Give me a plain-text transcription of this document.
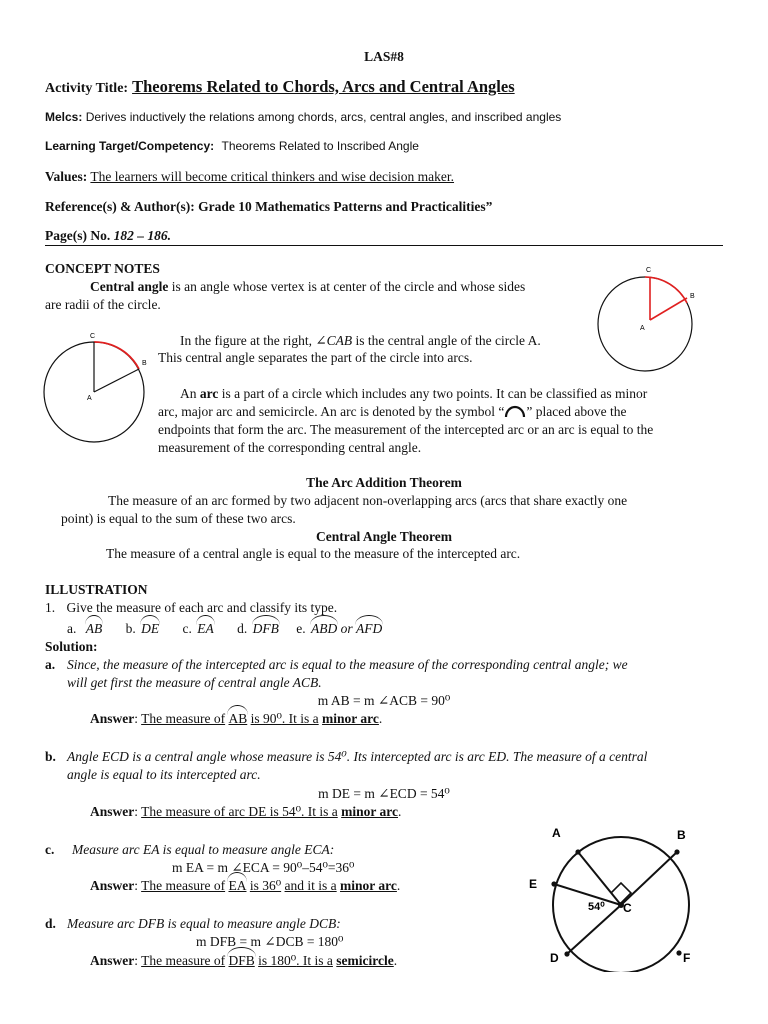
LAS#8
Activity Title: Theorems Related to Chords, Arcs and Central Angles
Melcs: Derives inductively the relations among chords, arcs, central angles, and inscribed angles
Learning Target/Competency: Theorems Related to Inscribed Angle
Values: The learners will become critical thinkers and wise decision maker.
Reference(s) & Author(s): Grade 10 Mathematics Patterns and Practicalities”
Page(s) No. 182 – 186.
CONCEPT NOTES
Central angle is an angle whose vertex is at center of the circle and whose sides
are radii of the circle.
C
B
A
C
B
A
In the figure at the right, ∠CAB is the central angle of the circle A.
This central angle separates the part of the circle into arcs.
An arc is a part of a circle which includes any two points. It can be classified as minor
arc, major arc and semicircle. An arc is denoted by the symbol “ ” placed above the
endpoints that form the arc. The measurement of the intercepted arc or an arc is equal to the
measurement of the corresponding central angle.
The Arc Addition Theorem
The measure of an arc formed by two adjacent non-overlapping arcs (arcs that share exactly one
point) is equal to the sum of these two arcs.
Central Angle Theorem
The measure of a central angle is equal to the measure of the intercepted arc.
ILLUSTRATION
1. Give the measure of each arc and classify its type.
a. AB b. DE c. EA d. DFB e. ABD or AFD
Solution:
a. Since, the measure of the intercepted arc is equal to the measure of the corresponding central angle; we
will get first the measure of central angle ACB.
m AB = m ∠ACB = 90⁰
Answer: The measure of AB is 90⁰. It is a minor arc.
b. Angle ECD is a central angle whose measure is 54⁰. Its intercepted arc is arc ED. The measure of a central
angle is equal to its intercepted arc.
m DE = m ∠ECD = 54⁰
Answer: The measure of arc DE is 54⁰. It is a minor arc.
c. Measure arc EA is equal to measure angle ECA:
m EA = m ∠ECA = 90⁰–54⁰=36⁰
Answer: The measure of EA is 36⁰ and it is a minor arc.
d. Measure arc DFB is equal to measure angle DCB:
m DFB = m ∠DCB = 180⁰
Answer: The measure of DFB is 180⁰. It is a semicircle.
A	B
E
C
D	F
54⁰
